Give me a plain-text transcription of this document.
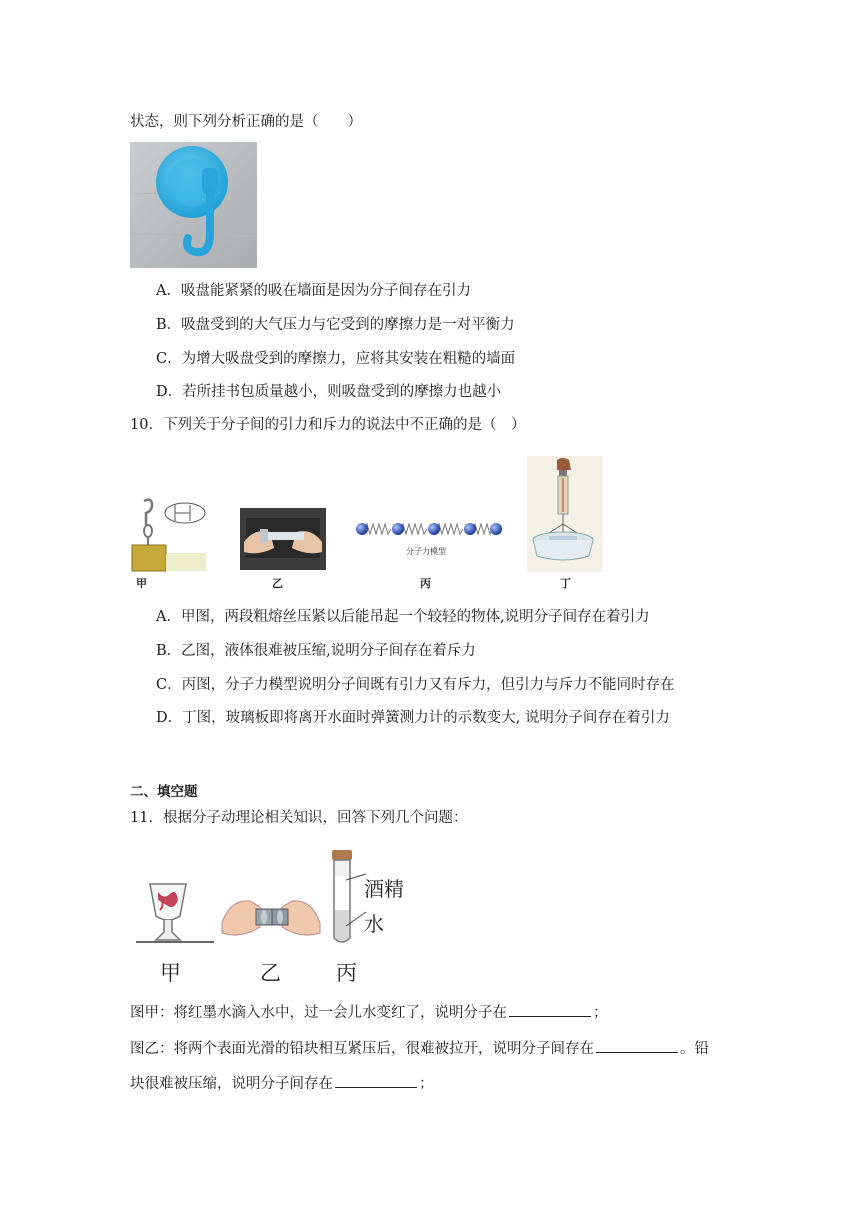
状态，则下列分析正确的是（　　）
A．吸盘能紧紧的吸在墙面是因为分子间存在引力
B．吸盘受到的大气压力与它受到的摩擦力是一对平衡力
C．为增大吸盘受到的摩擦力，应将其安装在粗糙的墙面
D．若所挂书包质量越小，则吸盘受到的摩擦力也越小
10．下列关于分子间的引力和斥力的说法中不正确的是（　）
甲	乙
分子力模型
丙	丁
A．甲图，两段粗熔丝压紧以后能吊起一个较轻的物体,说明分子间存在着引力
B．乙图，液体很难被压缩,说明分子间存在着斥力
C．丙图，分子力模型说明分子间既有引力又有斥力，但引力与斥力不能同时存在
D．丁图，玻璃板即将离开水面时弹簧测力计的示数变大, 说明分子间存在着引力
二、填空题
11．根据分子动理论相关知识，回答下列几个问题：
甲	乙
酒精
水
丙
图甲：将红墨水滴入水中，过一会儿水变红了，说明分子在	；
图乙：将两个表面光滑的铅块相互紧压后，很难被拉开，说明分子间存在	。铅
块很难被压缩，说明分子间存在	；
